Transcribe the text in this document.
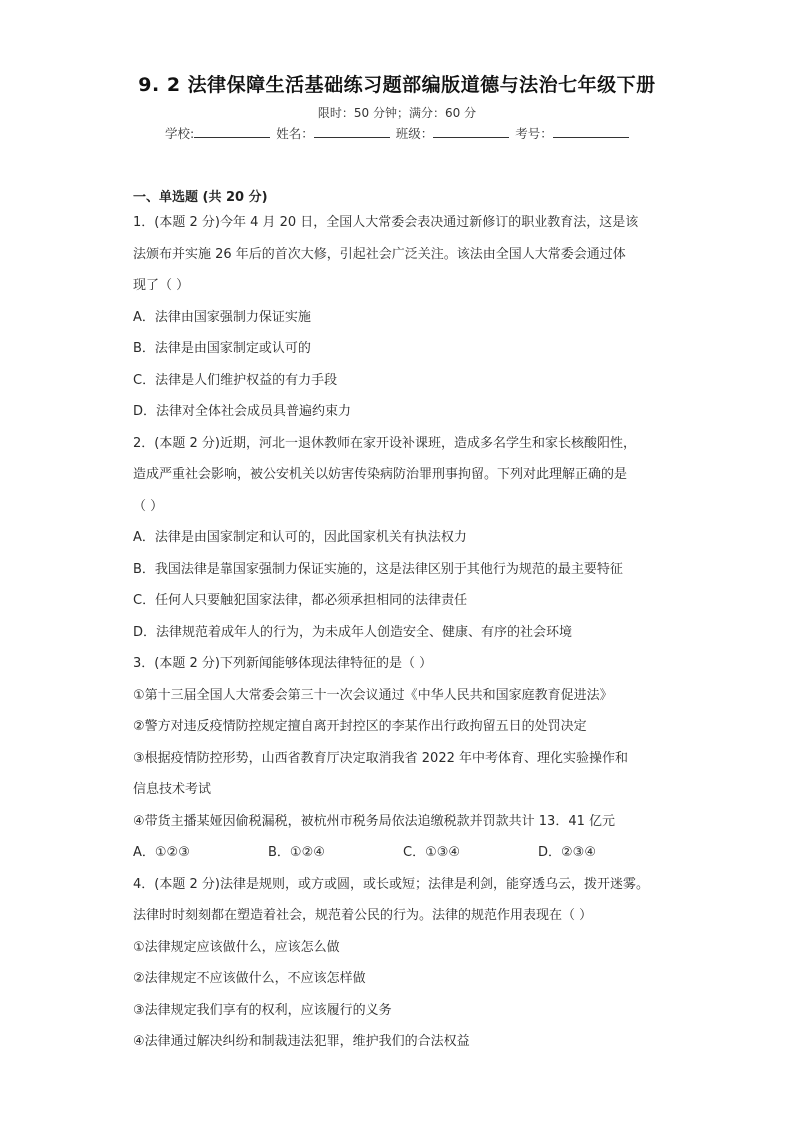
9. 2 法律保障生活基础练习题部编版道德与法治七年级下册
限时：50 分钟；满分：60 分
学校:	姓名：	班级：	考号：
一、单选题 (共 20 分)
1．(本题 2 分)今年 4 月 20 日，全国人大常委会表决通过新修订的职业教育法，这是该
法颁布并实施 26 年后的首次大修，引起社会广泛关注。该法由全国人大常委会通过体
现了（ ）
A．法律由国家强制力保证实施
B．法律是由国家制定或认可的
C．法律是人们维护权益的有力手段
D．法律对全体社会成员具普遍约束力
2．(本题 2 分)近期，河北一退休教师在家开设补课班，造成多名学生和家长核酸阳性，
造成严重社会影响，被公安机关以妨害传染病防治罪刑事拘留。下列对此理解正确的是
（ ）
A．法律是由国家制定和认可的，因此国家机关有执法权力
B．我国法律是靠国家强制力保证实施的，这是法律区别于其他行为规范的最主要特征
C．任何人只要触犯国家法律，都必须承担相同的法律责任
D．法律规范着成年人的行为，为未成年人创造安全、健康、有序的社会环境
3．(本题 2 分)下列新闻能够体现法律特征的是（ ）
①第十三届全国人大常委会第三十一次会议通过《中华人民共和国家庭教育促进法》
②警方对违反疫情防控规定擅自离开封控区的李某作出行政拘留五日的处罚决定
③根据疫情防控形势，山西省教育厅决定取消我省 2022 年中考体育、理化实验操作和
信息技术考试
④带货主播某娅因偷税漏税，被杭州市税务局依法追缴税款并罚款共计 13．41 亿元
A．①②③	B．①②④	C．①③④	D．②③④
4．(本题 2 分)法律是规则，或方或圆，或长或短；法律是利剑，能穿透乌云，拨开迷雾。
法律时时刻刻都在塑造着社会，规范着公民的行为。法律的规范作用表现在（ ）
①法律规定应该做什么，应该怎么做
②法律规定不应该做什么，不应该怎样做
③法律规定我们享有的权利，应该履行的义务
④法律通过解决纠纷和制裁违法犯罪，维护我们的合法权益
